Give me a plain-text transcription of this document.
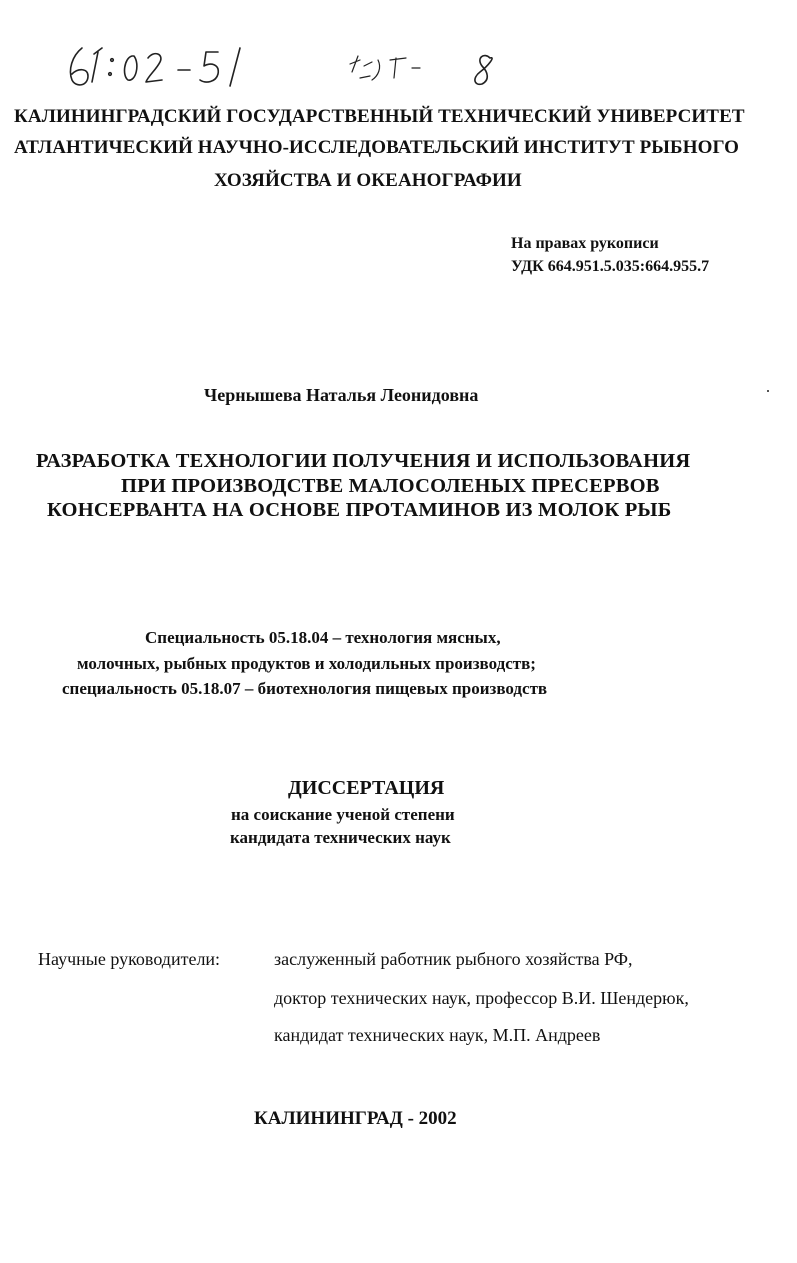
КАЛИНИНГРАДСКИЙ ГОСУДАРСТВЕННЫЙ ТЕХНИЧЕСКИЙ УНИВЕРСИТЕТ
АТЛАНТИЧЕСКИЙ НАУЧНО-ИССЛЕДОВАТЕЛЬСКИЙ ИНСТИТУТ РЫБНОГО
ХОЗЯЙСТВА И ОКЕАНОГРАФИИ
На правах рукописи
УДК 664.951.5.035:664.955.7
Чернышева Наталья Леонидовна
РАЗРАБОТКА ТЕХНОЛОГИИ ПОЛУЧЕНИЯ И ИСПОЛЬЗОВАНИЯ
ПРИ ПРОИЗВОДСТВЕ МАЛОСОЛЕНЫХ ПРЕСЕРВОВ
КОНСЕРВАНТА НА ОСНОВЕ ПРОТАМИНОВ ИЗ МОЛОК РЫБ
Специальность 05.18.04 – технология мясных,
молочных, рыбных продуктов и холодильных производств;
специальность 05.18.07 – биотехнология пищевых производств
ДИССЕРТАЦИЯ
на соискание ученой степени
кандидата технических наук
Научные руководители:	заслуженный работник рыбного хозяйства РФ,
доктор технических наук, профессор В.И. Шендерюк,
кандидат технических наук, М.П. Андреев
КАЛИНИНГРАД - 2002
